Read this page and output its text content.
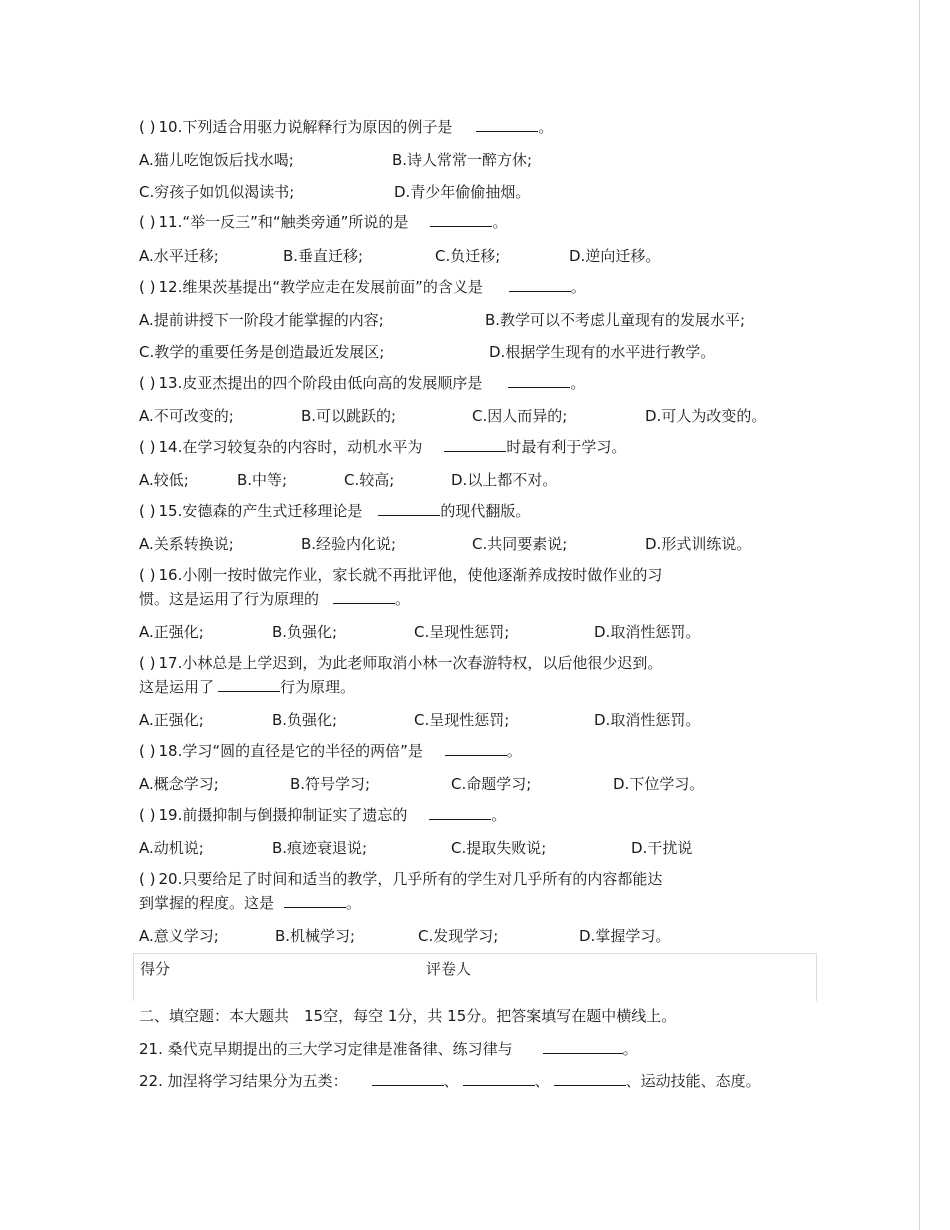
( ) 10.下列适合用驱力说解释行为原因的例子是	。
A.猫儿吃饱饭后找水喝;	B.诗人常常一醉方休;
C.穷孩子如饥似渴读书;	D.青少年偷偷抽烟。
( ) 11.“举一反三”和“触类旁通”所说的是	。
A.水平迁移;	B.垂直迁移;	C.负迁移;	D.逆向迁移。
( ) 12.维果茨基提出“教学应走在发展前面”的含义是	。
A.提前讲授下一阶段才能掌握的内容;	B.教学可以不考虑儿童现有的发展水平;
C.教学的重要任务是创造最近发展区;	D.根据学生现有的水平进行教学。
( ) 13.皮亚杰提出的四个阶段由低向高的发展顺序是	。
A.不可改变的;	B.可以跳跃的;	C.因人而异的;	D.可人为改变的。
( ) 14.在学习较复杂的内容时，动机水平为	时最有利于学习。
A.较低;	B.中等;	C.较高;	D.以上都不对。
( ) 15.安德森的产生式迁移理论是	的现代翻版。
A.关系转换说;	B.经验内化说;	C.共同要素说;	D.形式训练说。
( ) 16.小刚一按时做完作业，家长就不再批评他，使他逐渐养成按时做作业的习
惯。这是运用了行为原理的	。
A.正强化;	B.负强化;	C.呈现性惩罚;	D.取消性惩罚。
( ) 17.小林总是上学迟到，为此老师取消小林一次春游特权，以后他很少迟到。
这是运用了	行为原理。
A.正强化;	B.负强化;	C.呈现性惩罚;	D.取消性惩罚。
( ) 18.学习“圆的直径是它的半径的两倍”是	。
A.概念学习;	B.符号学习;	C.命题学习;	D.下位学习。
( ) 19.前摄抑制与倒摄抑制证实了遗忘的	。
A.动机说;	B.痕迹衰退说;	C.提取失败说;	D.干扰说
( ) 20.只要给足了时间和适当的教学，几乎所有的学生对几乎所有的内容都能达
到掌握的程度。这是	。
A.意义学习;	B.机械学习;	C.发现学习;	D.掌握学习。
得分	评卷人
二、填空题：本大题共　15空，每空 1分，共 15分。把答案填写在题中横线上。
21. 桑代克早期提出的三大学习定律是准备律、练习律与	。
22. 加涅将学习结果分为五类：	、	、	、运动技能、态度。
